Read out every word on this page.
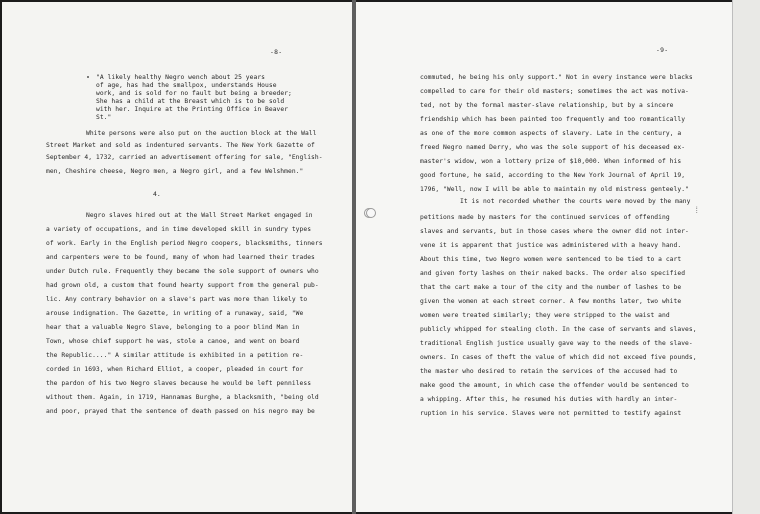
-8-
"A likely healthy Negro wench about 25 years
of age, has had the smallpox, understands House
work, and is sold for no fault but being a breeder;
She has a child at the Breast which is to be sold
with her. Inquire at the Printing Office in Beaver
St."
White persons were also put on the auction block at the Wall
Street Market and sold as indentured servants. The New York Gazette of
September 4, 1732, carried an advertisement offering for sale, "English-
men, Cheshire cheese, Negro men, a Negro girl, and a few Welshmen."
4.
Negro slaves hired out at the Wall Street Market engaged in
a variety of occupations, and in time developed skill in sundry types
of work. Early in the English period Negro coopers, blacksmiths, tinners
and carpenters were to be found, many of whom had learned their trades
under Dutch rule. Frequently they became the sole support of owners who
had grown old, a custom that found hearty support from the general pub-
lic. Any contrary behavior on a slave's part was more than likely to
arouse indignation. The Gazette, in writing of a runaway, said, "We
hear that a valuable Negro Slave, belonging to a poor blind Man in
Town, whose chief support he was, stole a canoe, and went on board
the Republic...." A similar attitude is exhibited in a petition re-
corded in 1693, when Richard Elliot, a cooper, pleaded in court for
the pardon of his two Negro slaves because he would be left penniless
without them. Again, in 1719, Hannamas Burghe, a blacksmith, "being old
and poor, prayed that the sentence of death passed on his negro may be
-9-
commuted, he being his only support." Not in every instance were blacks
compelled to care for their old masters; sometimes the act was motiva-
ted, not by the formal master-slave relationship, but by a sincere
friendship which has been painted too frequently and too romantically
as one of the more common aspects of slavery. Late in the century, a
freed Negro named Derry, who was the sole support of his deceased ex-
master's widow, won a lottery prize of $10,000. When informed of his
good fortune, he said, according to the New York Journal of April 19,
1796, "Well, now I will be able to maintain my old mistress genteely."
It is not recorded whether the courts were moved by the many
petitions made by masters for the continued services of offending
slaves and servants, but in those cases where the owner did not inter-
vene it is apparent that justice was administered with a heavy hand.
About this time, two Negro women were sentenced to be tied to a cart
and given forty lashes on their naked backs. The order also specified
that the cart make a tour of the city and the number of lashes to be
given the women at each street corner. A few months later, two white
women were treated similarly; they were stripped to the waist and
publicly whipped for stealing cloth. In the case of servants and slaves,
traditional English justice usually gave way to the needs of the slave-
owners. In cases of theft the value of which did not exceed five pounds,
the master who desired to retain the services of the accused had to
make good the amount, in which case the offender would be sentenced to
a whipping. After this, he resumed his duties with hardly an inter-
ruption in his service. Slaves were not permitted to testify against
⁞
